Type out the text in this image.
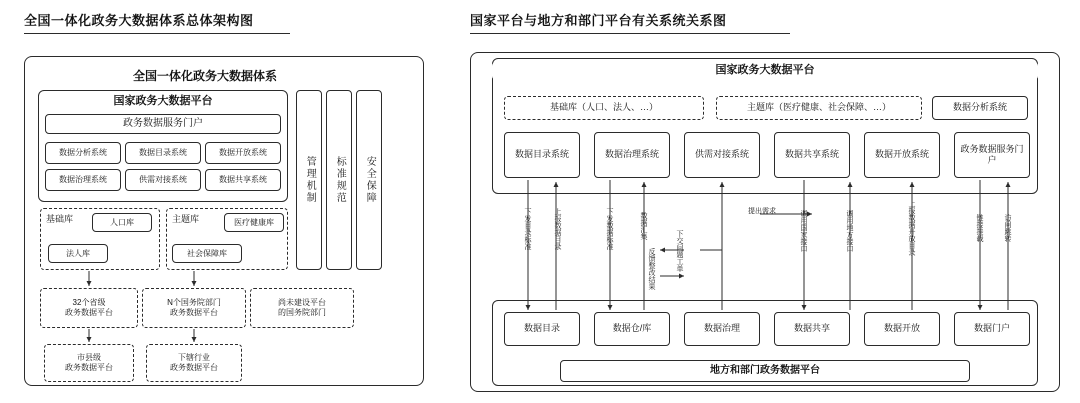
全国一体化政务大数据体系总体架构图	国家平台与地方和部门平台有关系统关系图
全国一体化政务大数据体系
国家政务大数据平台
政务数据服务门户
数据分析系统	数据目录系统	数据开放系统
数据治理系统	供需对接系统	数据共享系统
基础库	人口库
法人库
主题库	医疗健康库
社会保障库
管理机制	标准规范	安全保障
32个省级
政务数据平台
N个国务院部门
政务数据平台
尚未建设平台
的国务院部门
市县级
政务数据平台
下辖行业
政务数据平台
国家政务大数据平台
基础库（人口、法人、…）	主题库（医疗健康、社会保障、…）	数据分析系统
数据目录系统	数据治理系统	供需对接系统	数据共享系统	数据开放系统
政务数据服务门户
数据目录	数据仓/库	数据治理	数据共享	数据开放	数据门户
地方和部门政务数据平台
下发目录标准	上报数据目录	下发数据标准	数据汇集
下交问题工单
反馈整改结果
提出需求	调用国家接口	调用地方接口	上报数据开放目录	链接挂载	访问跳转
